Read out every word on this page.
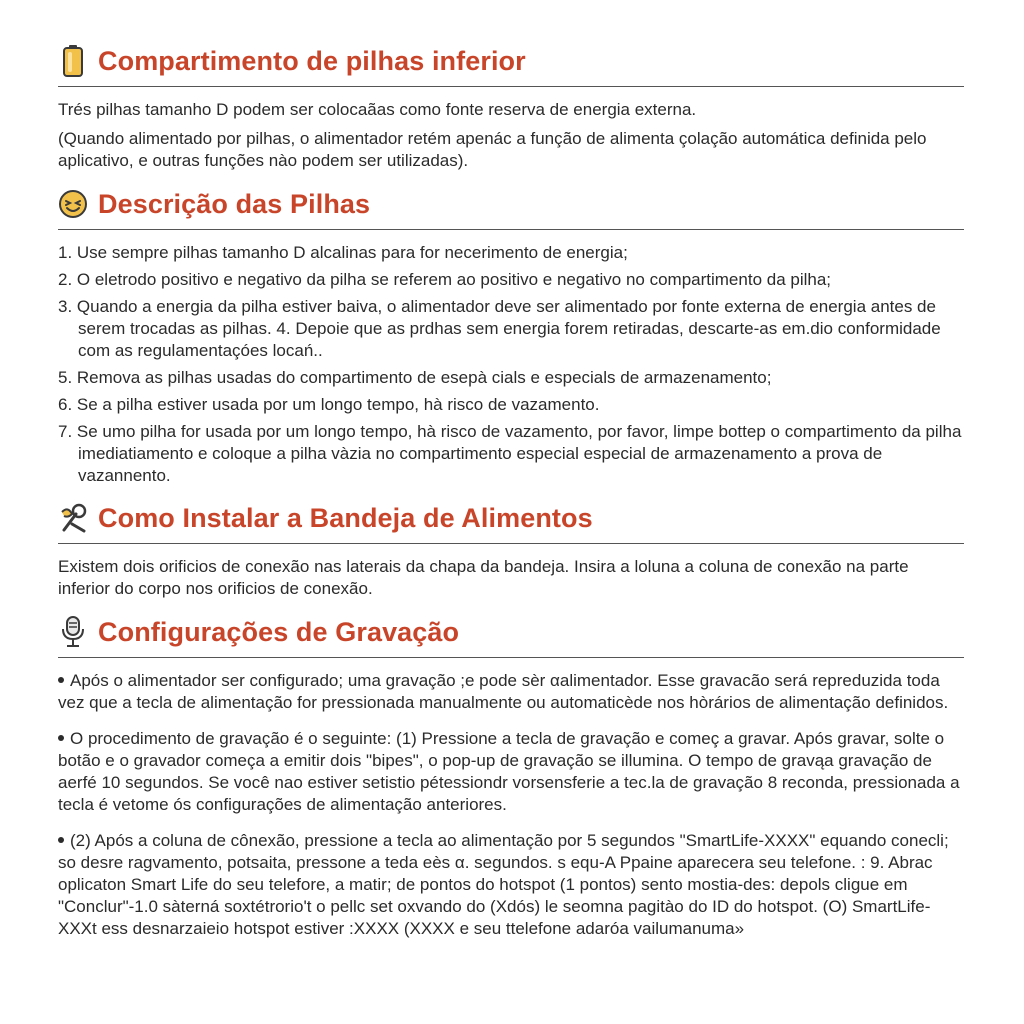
Compartimento de pilhas inferior

Trés pilhas tamanho D podem ser colocaãas como fonte reserva de energia externa.

(Quando alimentado por pilhas, o alimentador retém apenác a função de alimenta çolação automática definida pelo aplicativo, e outras funções nào podem ser utilizadas).

Descrição das Pilhas
1. Use sempre pilhas tamanho D alcalinas para for necerimento de energia;
2. O eletrodo positivo e negativo da pilha se referem ao positivo e negativo no compartimento da pilha;
3. Quando a energia da pilha estiver baiva, o alimentador deve ser alimentado por fonte externa de energia antes de serem trocadas as pilhas. 4. Depoie que as prdhas sem energia forem retiradas, descarte-as em.dio conformidade com as regulamentaçóes locań..
5. Remova as pilhas usadas do compartimento de esepà cials e especials de armazenamento;
6. Se a pilha estiver usada por um longo tempo, hà risco de vazamento.
7. Se umo pilha for usada por um longo tempo, hà risco de vazamento, por favor, limpe bottep o compartimento da pilha imediatiamento e coloque a pilha vàzia no compartimento especial especial de armazenamento a prova de vazannento.
Como Instalar a Bandeja de Alimentos

Existem dois orificios de conexão nas laterais da chapa da bandeja. Insira a loluna a coluna de conexão na parte inferior do corpo nos orificios de conexão.

Configurações de Gravação
Após o alimentador ser configurado; uma gravação ;e pode sèr αalimentador. Esse gravacão será repreduzida toda vez que a tecla de alimentação for pressionada manualmente ou automaticède nos hòrários de alimentação definidos.
O procedimento de gravação é o seguinte: (1) Pressione a tecla de gravação e começ a gravar. Após gravar, solte o botão e o gravador começa a emitir dois "bipes", o pop-up de gravação se illumina. O tempo de gravąa gravação de aerfé 10 segundos. Se você nao estiver setistio pétessiondr vorsensferie a tec.la de gravação 8 reconda, pressionada a tecla é vetome ós configurações de alimentação anteriores.
(2) Após a coluna de cônexão, pressione a tecla ao alimentação por 5 segundos "SmartLife-XXXX" equando conecli; so desre ragvamento, potsaita, pressone a teda eès α. segundos. s equ-A Ppaine aparecera seu telefone. : 9. Abrac oplicaton Smart Life do seu telefore, a matir; de pontos do hotspot (1 pontos) sento mostia-des: depols cligue em "Conclur"-1.0 sàterná soxtétrorio't o pellc set oxvando do (Xdós) le seomna pagitào do ID do hotspot. (O) SmartLife-XXXt ess desnarzaieio hotspot estiver :XXXX (XXXX e seu ttelefone adaróa vailumanuma»
